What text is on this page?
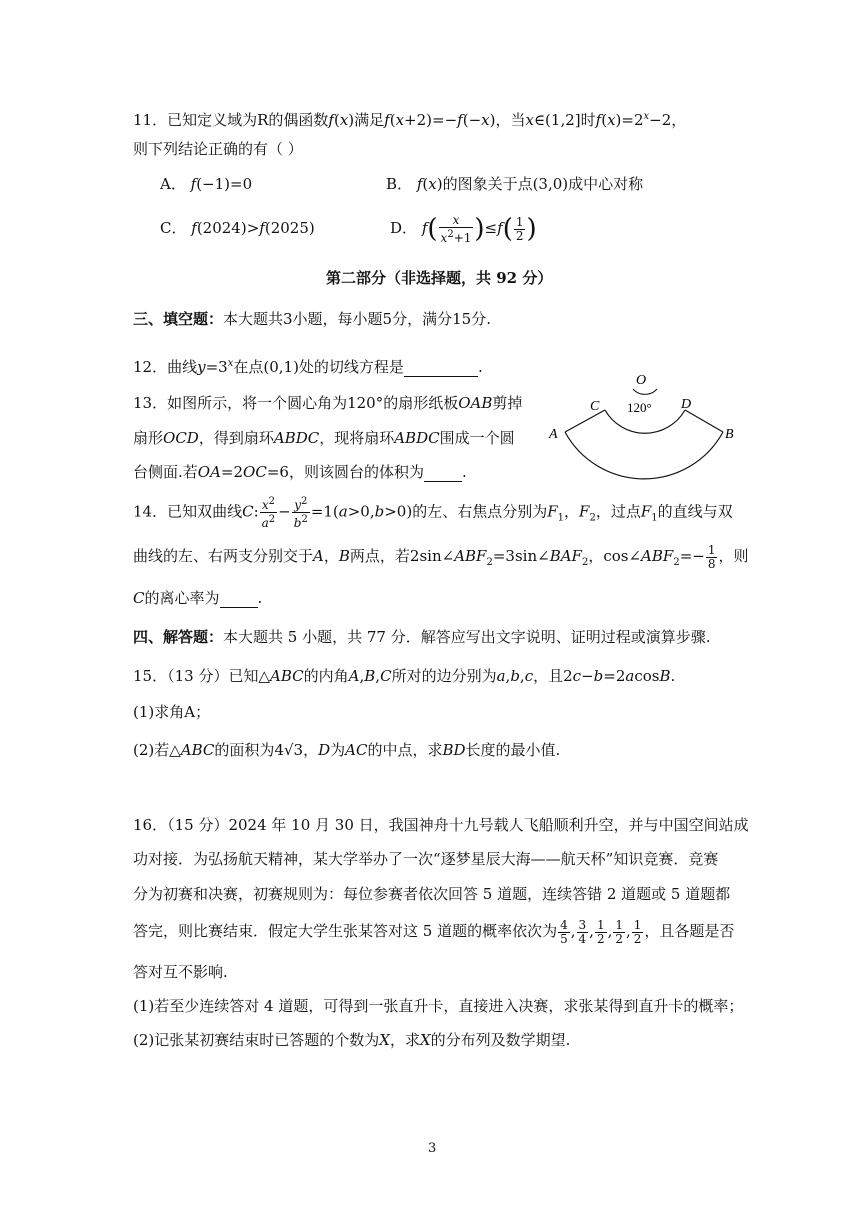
11．已知定义域为R的偶函数f(x)满足f(x+2)=−f(−x)，当x∈(1,2]时$f(x)=2^x-2$，
则下列结论正确的有（ ）
A． f(−1)=0	B． f(x)的图象关于点(3,0)成中心对称
C． f(2024)>f(2025)	D． $f( \frac{x}{x^2+1} )\le f( \frac{1}{2}$ )
第二部分（非选择题，共 92 分）
三、填空题：本大题共3小题，每小题5分，满分15分.
12．曲线$y=3^x$在点(0,1)处的切线方程是	.
13．如图所示，将一个圆心角为120°的扇形纸板OAB剪掉
扇形OCD，得到扇环ABDC，现将扇环ABDC围成一个圆
台侧面.若OA=2OC=6，则该圆台的体积为	.
O
C	D
A	B
120°
14．已知双曲线C: $\frac{x^2}{a^2} - \frac{y^2}{b^2} =1(a>0,b>0)$的左、右焦点分别为$F_1$，$F_2$，过点$F_1$的直线与双
曲线的左、右两支分别交于A，B两点，若$2\sin\angle ABF_2=3\sin\angle BAF_2$，$\cos\angle ABF_2=- \frac{1}{8}$ ，则
C的离心率为	.
四、解答题：本大题共 5 小题，共 77 分．解答应写出文字说明、证明过程或演算步骤.
15．（13 分）已知△ABC的内角A,B,C所对的边分别为a,b,c，且2c−b=2acosB.
(1)求角A；
(2)若△ABC的面积为4√3，D为AC的中点，求BD长度的最小值.
16．（15 分）2024 年 10 月 30 日，我国神舟十九号载人飞船顺利升空，并与中国空间站成
功对接．为弘扬航天精神，某大学举办了一次“逐梦星辰大海——航天杯”知识竞赛．竞赛
分为初赛和决赛，初赛规则为：每位参赛者依次回答 5 道题，连续答错 2 道题或 5 道题都
答完，则比赛结束．假定大学生张某答对这 5 道题的概率依次为 $\frac{4}{5}$ , $\frac{3}{4}$ , $\frac{1}{2}$ , $\frac{1}{2}$ , $\frac{1}{2}$ ，且各题是否
答对互不影响.
(1)若至少连续答对 4 道题，可得到一张直升卡，直接进入决赛，求张某得到直升卡的概率；
(2)记张某初赛结束时已答题的个数为X，求X的分布列及数学期望.
3
